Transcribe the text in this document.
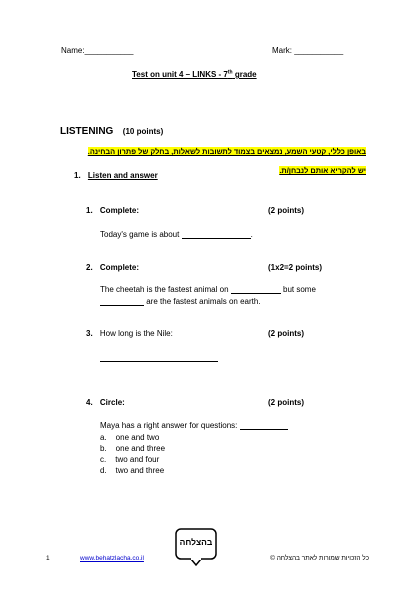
Name:___________	Mark: ___________
Test on unit 4 – LINKS - 7th grade
LISTENING (10 points)
באופן כללי, קטעי השמע, נמצאים בצמוד לתשובות לשאלות, בחלק של פתרון הבחינה.
יש להקריא אותם לנבחן/ת.
1. Listen and answer
1. Complete:	(2 points)
Today's game is about	.
2. Complete:	(1x2=2 points)
The cheetah is the fastest animal on	but some
are the fastest animals on earth.
3. How long is the Nile:	(2 points)
4. Circle:	(2 points)
Maya has a right answer for questions:
a. one and two
b. one and three
c. two and four
d. two and three
בהצלחה
1	www.behatzlacha.co.il	כל הזכויות שמורות לאתר בהצלחה ©
